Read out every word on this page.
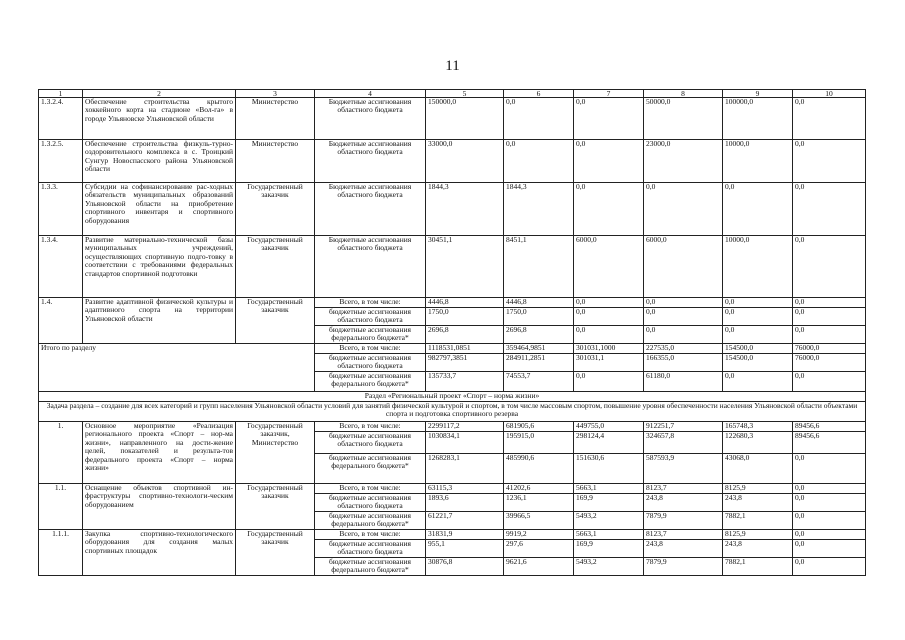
11
1	2	3	4	5	6	7	8	9	10
1.3.2.4.	Обеспечение строительства крытого хоккейного корта на стадионе «Вол-га» в городе Ульяновске Ульяновской области	Министерство	Бюджетные ассигнования областного бюджета	150000,0	0,0	0,0	50000,0	100000,0	0,0
1.3.2.5.	Обеспечение строительства физкуль-турно-оздоровительного комплекса в с. Троицкий Сунгур Новоспасского района Ульяновской области	Министерство	Бюджетные ассигнования областного бюджета	33000,0	0,0	0,0	23000,0	10000,0	0,0
1.3.3.	Субсидии на софинансирование рас-ходных обязательств муниципальных образований Ульяновской области на приобретение спортивного инвентаря и спортивного оборудования	Государственный заказчик	Бюджетные ассигнования областного бюджета	1844,3	1844,3	0,0	0,0	0,0	0,0
1.3.4.	Развитие материально-технической базы муниципальных учреждений, осуществляющих спортивную подго-товку в соответствии с требованиями федеральных стандартов спортивной подготовки	Государственный заказчик	Бюджетные ассигнования областного бюджета	30451,1	8451,1	6000,0	6000,0	10000,0	0,0
1.4.	Развитие адаптивной физической культуры и адаптивного спорта на территории Ульяновской области	Государственный заказчик	Всего, в том числе:	4446,8	4446,8	0,0	0,0	0,0	0,0
			бюджетные ассигнования областного бюджета	1750,0	1750,0	0,0	0,0	0,0	0,0
			бюджетные ассигнования федерального бюджета*	2696,8	2696,8	0,0	0,0	0,0	0,0
Итого по разделу			Всего, в том числе:	1118531,0851	359464,9851	301031,1000	227535,0	154500,0	76000,0
			бюджетные ассигнования областного бюджета	982797,3851	284911,2851	301031,1	166355,0	154500,0	76000,0
			бюджетные ассигнования федерального бюджета*	135733,7	74553,7	0,0	61180,0	0,0	0,0
Раздел «Региональный проект «Спорт – норма жизни»									
Задача раздела – создание для всех категорий и групп населения Ульяновской области условий для занятий физической культурой и спортом, в том числе массовым спортом, повышение уровня обеспеченности населения Ульяновской области объектами спорта и подготовка спортивного резерва									
1.	Основное мероприятие «Реализация регионального проекта «Спорт – нор-ма жизни», направленного на дости-жение целей, показателей и результа-тов федерального проекта «Спорт – норма жизни»	Государственный заказчик, Министерство	Всего, в том числе:	2299117,2	681905,6	449755,0	912251,7	165748,3	89456,6
			бюджетные ассигнования областного бюджета	1030834,1	195915,0	298124,4	324657,8	122680,3	89456,6
			бюджетные ассигнования федерального бюджета*	1268283,1	485990,6	151630,6	587593,9	43068,0	0,0
1.1.	Оснащение объектов спортивной ин-фраструктуры спортивно-технологи-ческим оборудованием	Государственный заказчик	Всего, в том числе:	63115,3	41202,6	5663,1	8123,7	8125,9	0,0
			бюджетные ассигнования областного бюджета	1893,6	1236,1	169,9	243,8	243,8	0,0
			бюджетные ассигнования федерального бюджета*	61221,7	39966,5	5493,2	7879,9	7882,1	0,0
1.1.1.	Закупка спортивно-технологического оборудования для создания малых спортивных площадок	Государственный заказчик	Всего, в том числе:	31831,9	9919,2	5663,1	8123,7	8125,9	0,0
			бюджетные ассигнования областного бюджета	955,1	297,6	169,9	243,8	243,8	0,0
			бюджетные ассигнования федерального бюджета*	30876,8	9621,6	5493,2	7879,9	7882,1	0,0
